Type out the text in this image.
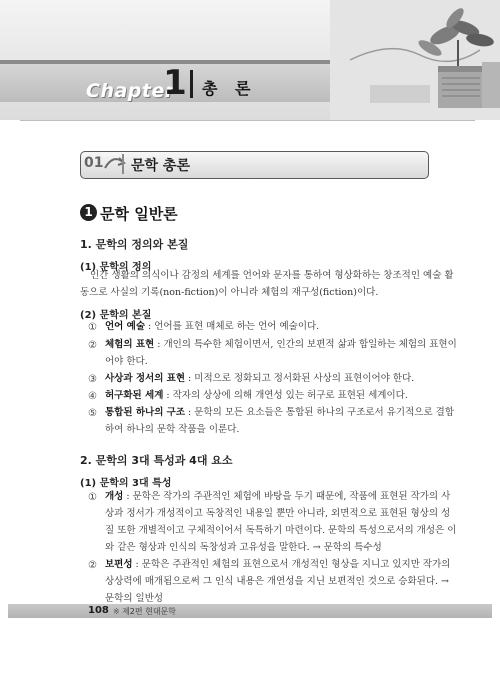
Chapter
1 총 론
01 문학 총론
1 문학 일반론
1. 문학의 정의와 본질
(1) 문학의 정의
인간 생활의 의식이나 감정의 세계를 언어와 문자를 통하여 형상화하는 창조적인 예술 활
동으로 사실의 기록(non-fiction)이 아니라 체험의 재구성(fiction)이다.
(2) 문학의 본질
① 언어 예술 : 언어를 표현 매체로 하는 언어 예술이다.
② 체험의 표현 : 개인의 특수한 체험이면서, 인간의 보편적 삶과 합일하는 체험의 표현이
어야 한다.
③ 사상과 정서의 표현 : 미적으로 정화되고 정서화된 사상의 표현이어야 한다.
④ 허구화된 세계 : 작자의 상상에 의해 개연성 있는 허구로 표현된 세계이다.
⑤ 통합된 하나의 구조 : 문학의 모든 요소들은 통합된 하나의 구조로서 유기적으로 결합
하여 하나의 문학 작품을 이룬다.
2. 문학의 3대 특성과 4대 요소
(1) 문학의 3대 특성
① 개성 : 문학은 작가의 주관적인 체험에 바탕을 두기 때문에, 작품에 표현된 작가의 사
상과 정서가 개성적이고 독창적인 내용일 뿐만 아니라, 외면적으로 표현된 형상의 성
질 또한 개별적이고 구체적이어서 독특하기 마련이다. 문학의 특성으로서의 개성은 이
와 같은 형상과 인식의 독창성과 고유성을 말한다. → 문학의 특수성
② 보편성 : 문학은 주관적인 체험의 표현으로서 개성적인 형상을 지니고 있지만 작가의
상상력에 매개됨으로써 그 인식 내용은 개연성을 지닌 보편적인 것으로 승화된다. →
문학의 일반성
108 ※ 제2편 현대문학
